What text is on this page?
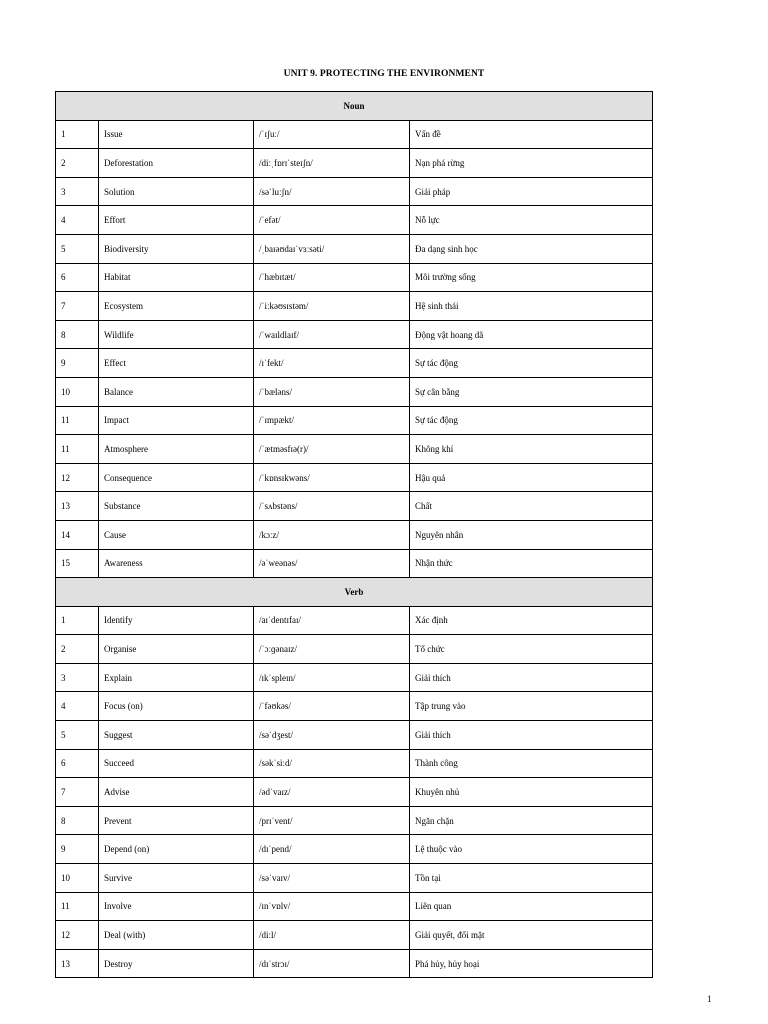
UNIT 9. PROTECTING THE ENVIRONMENT
Noun			
1	Issue	/ˈɪʃuː/	Vấn đề
2	Deforestation	/diːˌfɒrɪˈsteɪʃn/	Nạn phá rừng
3	Solution	/səˈluːʃn/	Giải pháp
4	Effort	/ˈefət/	Nỗ lực
5	Biodiversity	/ˌbaɪəʊdaɪˈvɜːsəti/	Đa dạng sinh học
6	Habitat	/ˈhæbɪtæt/	Môi trường sống
7	Ecosystem	/ˈiːkəʊsɪstəm/	Hệ sinh thái
8	Wildlife	/ˈwaɪldlaɪf/	Động vật hoang dã
9	Effect	/ɪˈfekt/	Sự tác động
10	Balance	/ˈbæləns/	Sự cân bằng
11	Impact	/ˈɪmpækt/	Sự tác động
11	Atmosphere	/ˈætməsfɪə(r)/	Không khí
12	Consequence	/ˈkɒnsɪkwəns/	Hậu quả
13	Substance	/ˈsʌbstəns/	Chất
14	Cause	/kɔːz/	Nguyên nhân
15	Awareness	/əˈweənəs/	Nhận thức
Verb			
1	Identify	/aɪˈdentɪfaɪ/	Xác định
2	Organise	/ˈɔːɡənaɪz/	Tổ chức
3	Explain	/ɪkˈspleɪn/	Giải thích
4	Focus (on)	/ˈfəʊkəs/	Tập trung vào
5	Suggest	/səˈdʒest/	Giải thích
6	Succeed	/səkˈsiːd/	Thành công
7	Advise	/ədˈvaɪz/	Khuyên nhủ
8	Prevent	/prɪˈvent/	Ngăn chặn
9	Depend (on)	/dɪˈpend/	Lệ thuộc vào
10	Survive	/səˈvaɪv/	Tồn tại
11	Involve	/ɪnˈvɒlv/	Liên quan
12	Deal (with)	/diːl/	Giải quyết, đối mặt
13	Destroy	/dɪˈstrɔɪ/	Phá hủy, hủy hoại
1
